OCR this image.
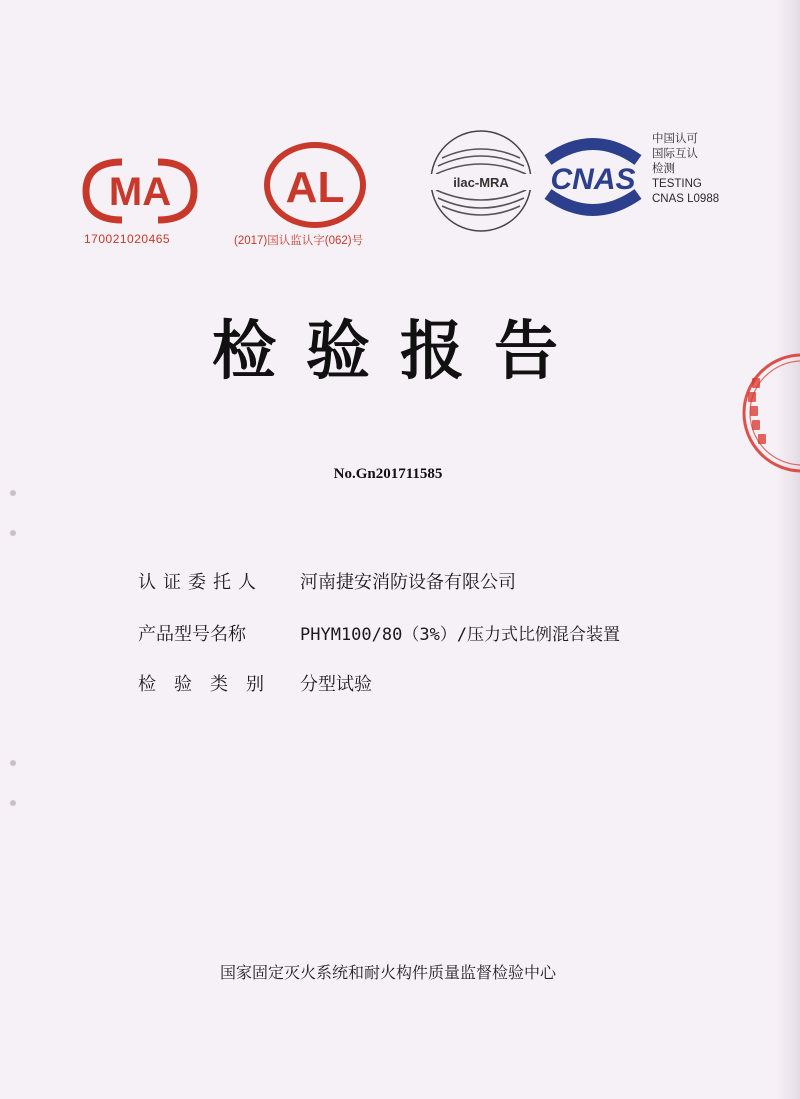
MA
170021020465
AL
(2017)国认监认字(062)号
ilac-MRA CNAS
中国认可
国际互认
检测
TESTING
CNAS L0988
检验报告
No.Gn201711585
认证委托人	河南捷安消防设备有限公司
产品型号名称	PHYM100/80（3%）/压力式比例混合装置
检验类别	分型试验
国家固定灭火系统和耐火构件质量监督检验中心
